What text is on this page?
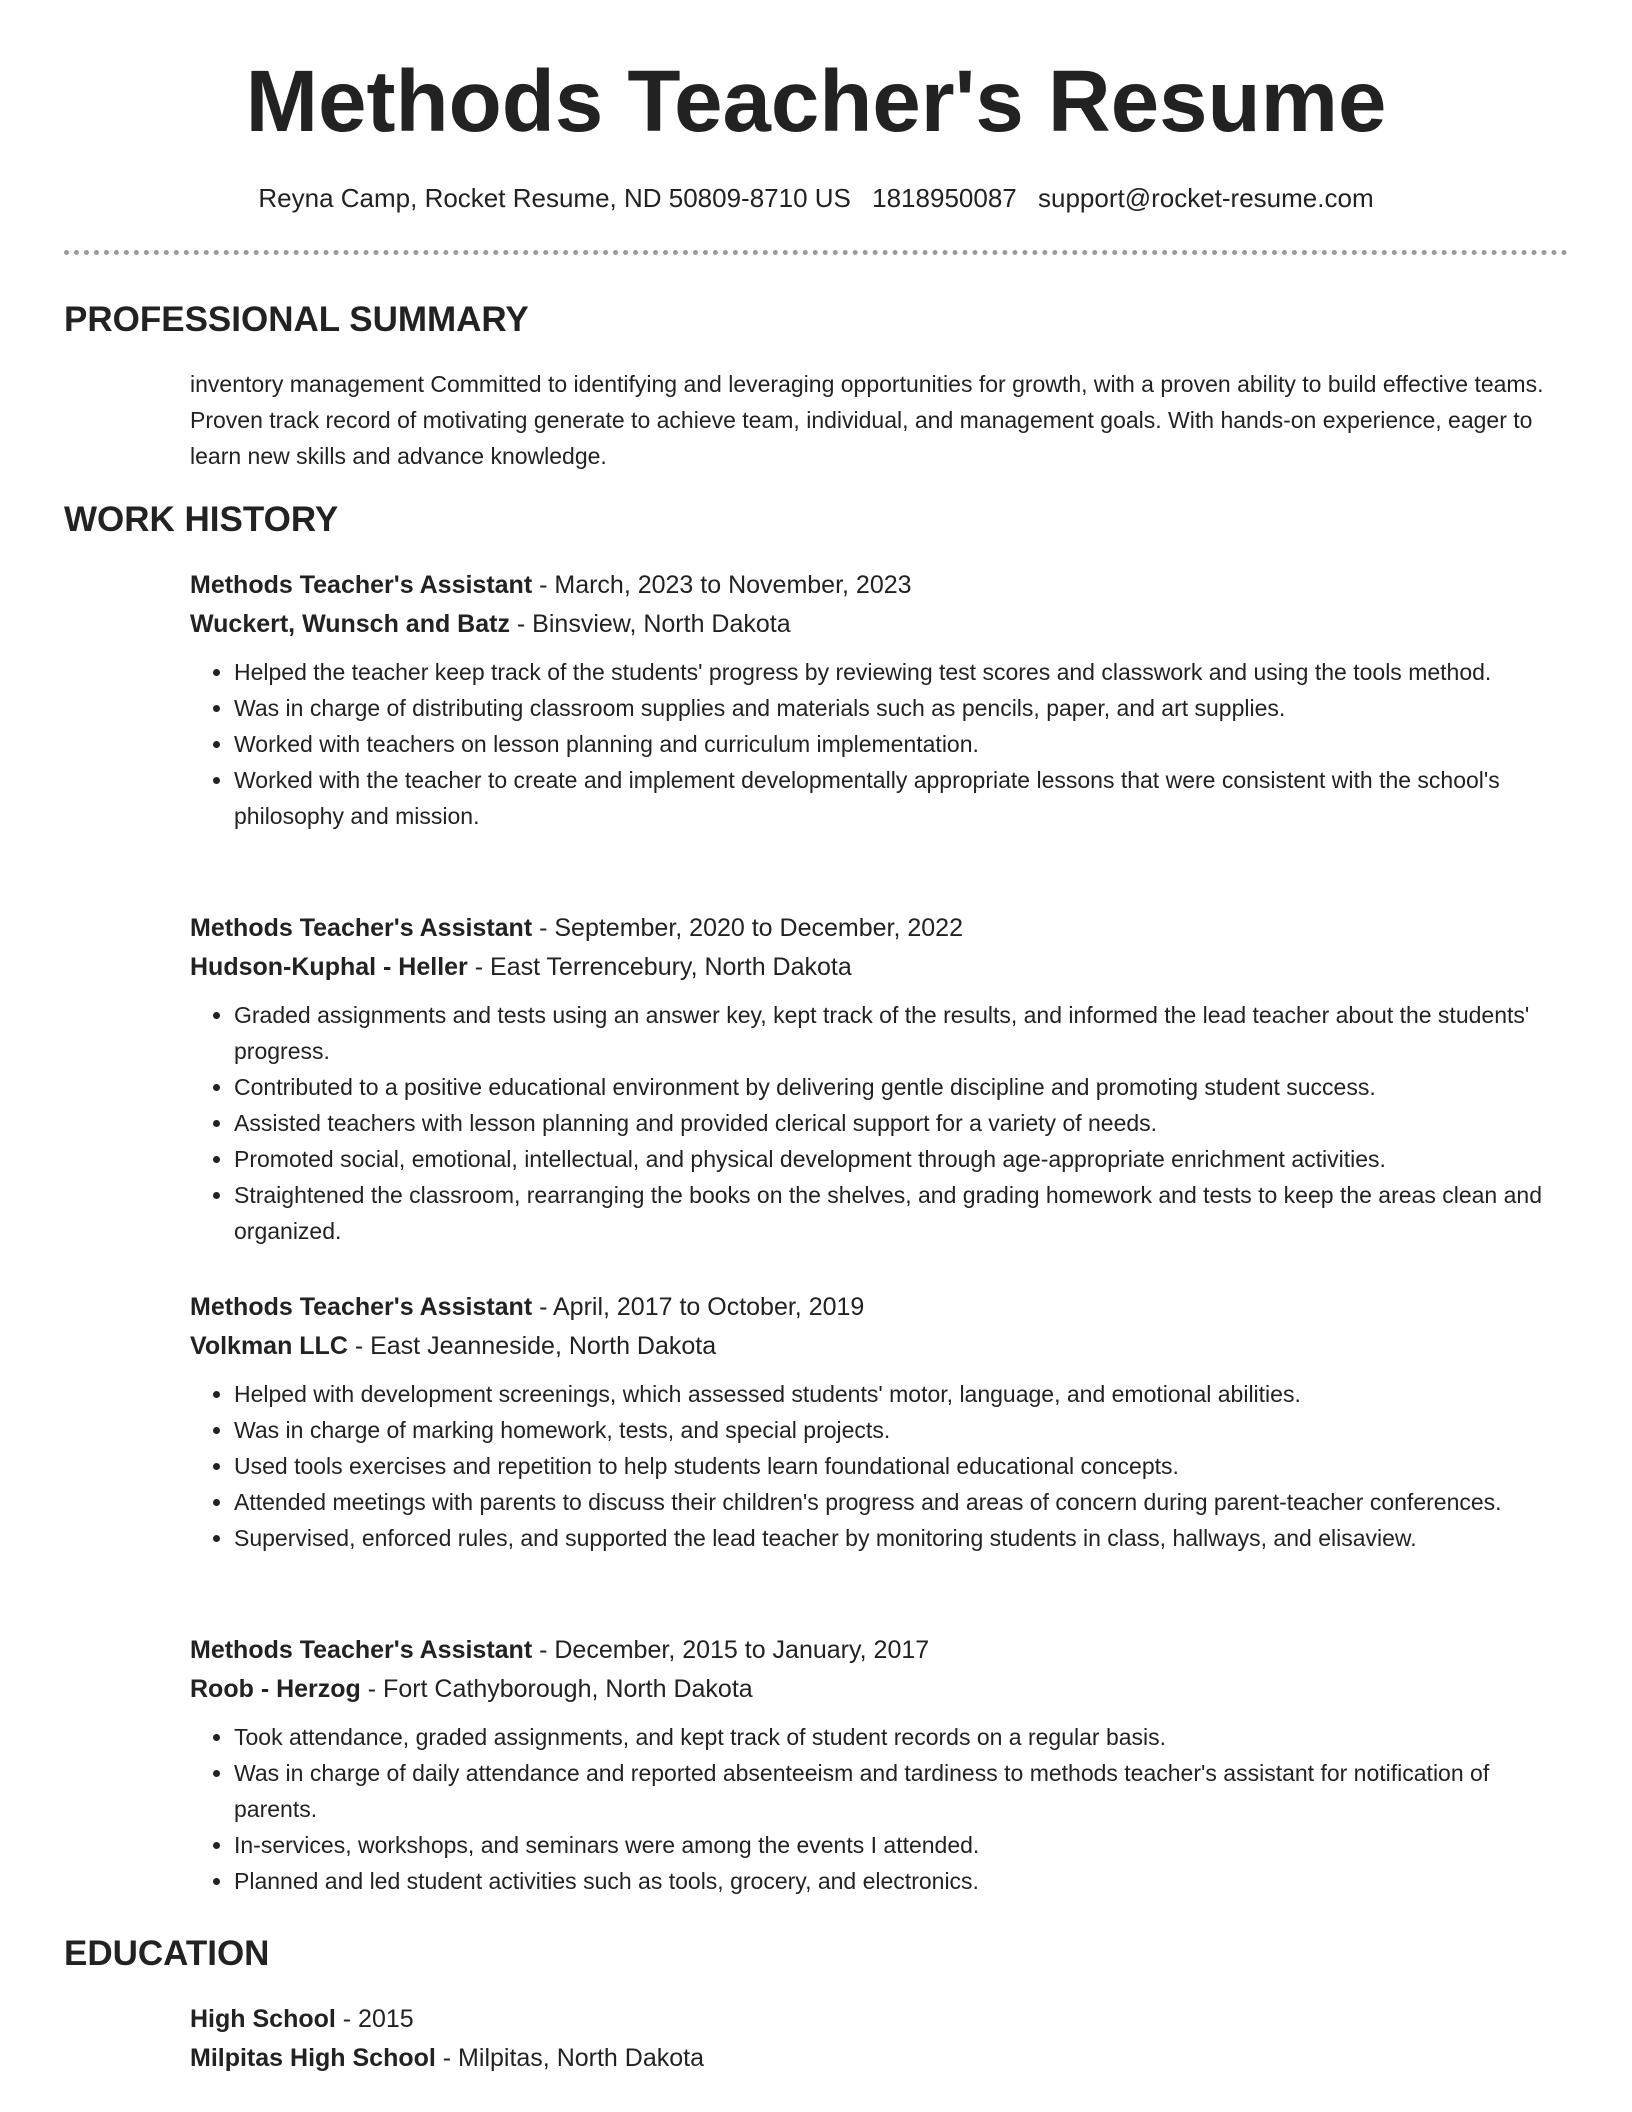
Methods Teacher's Resume
Reyna Camp, Rocket Resume, ND 50809-8710 US 1818950087 support@rocket-resume.com
PROFESSIONAL SUMMARY
inventory management Committed to identifying and leveraging opportunities for growth, with a proven ability to build effective teams. Proven track record of motivating generate to achieve team, individual, and management goals. With hands-on experience, eager to learn new skills and advance knowledge.
WORK HISTORY
Methods Teacher's Assistant - March, 2023 to November, 2023
Wuckert, Wunsch and Batz - Binsview, North Dakota
• Helped the teacher keep track of the students' progress by reviewing test scores and classwork and using the tools method.
• Was in charge of distributing classroom supplies and materials such as pencils, paper, and art supplies.
• Worked with teachers on lesson planning and curriculum implementation.
• Worked with the teacher to create and implement developmentally appropriate lessons that were consistent with the school's philosophy and mission.
Methods Teacher's Assistant - September, 2020 to December, 2022
Hudson-Kuphal - Heller - East Terrencebury, North Dakota
• Graded assignments and tests using an answer key, kept track of the results, and informed the lead teacher about the students' progress.
• Contributed to a positive educational environment by delivering gentle discipline and promoting student success.
• Assisted teachers with lesson planning and provided clerical support for a variety of needs.
• Promoted social, emotional, intellectual, and physical development through age-appropriate enrichment activities.
• Straightened the classroom, rearranging the books on the shelves, and grading homework and tests to keep the areas clean and organized.
Methods Teacher's Assistant - April, 2017 to October, 2019
Volkman LLC - East Jeanneside, North Dakota
• Helped with development screenings, which assessed students' motor, language, and emotional abilities.
• Was in charge of marking homework, tests, and special projects.
• Used tools exercises and repetition to help students learn foundational educational concepts.
• Attended meetings with parents to discuss their children's progress and areas of concern during parent-teacher conferences.
• Supervised, enforced rules, and supported the lead teacher by monitoring students in class, hallways, and elisaview.
Methods Teacher's Assistant - December, 2015 to January, 2017
Roob - Herzog - Fort Cathyborough, North Dakota
• Took attendance, graded assignments, and kept track of student records on a regular basis.
• Was in charge of daily attendance and reported absenteeism and tardiness to methods teacher's assistant for notification of parents.
• In-services, workshops, and seminars were among the events I attended.
• Planned and led student activities such as tools, grocery, and electronics.
EDUCATION
High School - 2015
Milpitas High School - Milpitas, North Dakota
